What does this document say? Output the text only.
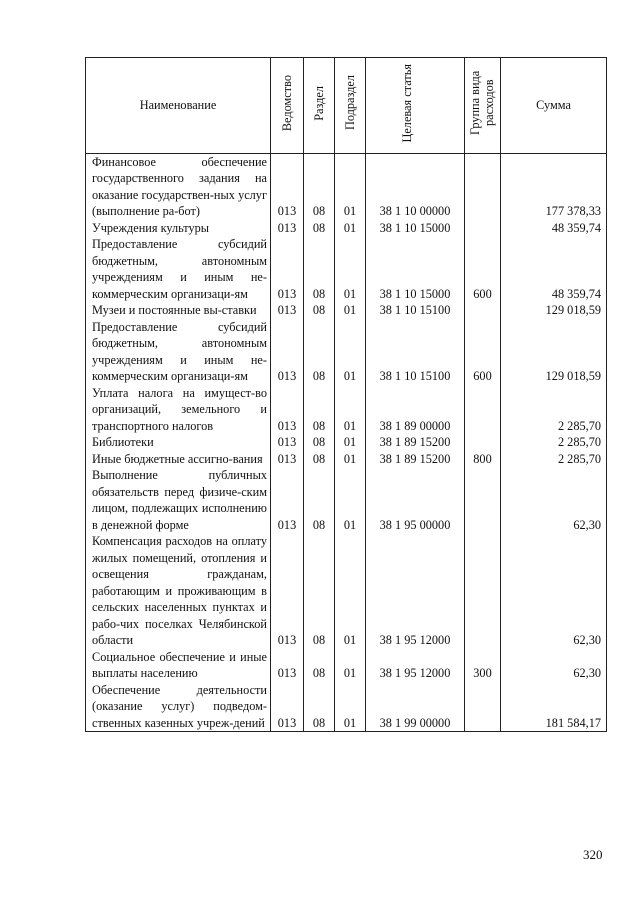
Наименование	Ведомство	Раздел	Подраздел	Целевая статья	Группа вида расходов	Сумма
Финансовое обеспечение государственного задания на оказание государствен-ных услуг (выполнение ра-бот)	013	08	01	38 1 10 00000		177 378,33
Учреждения культуры	013	08	01	38 1 10 15000		48 359,74
Предоставление субсидий бюджетным, автономным учреждениям и иным не-коммерческим организаци-ям	013	08	01	38 1 10 15000	600	48 359,74
Музеи и постоянные вы-ставки	013	08	01	38 1 10 15100		129 018,59
Предоставление субсидий бюджетным, автономным учреждениям и иным не-коммерческим организаци-ям	013	08	01	38 1 10 15100	600	129 018,59
Уплата налога на имущест-во организаций, земельного и транспортного налогов	013	08	01	38 1 89 00000		2 285,70
Библиотеки	013	08	01	38 1 89 15200		2 285,70
Иные бюджетные ассигно-вания	013	08	01	38 1 89 15200	800	2 285,70
Выполнение публичных обязательств перед физиче-ским лицом, подлежащих исполнению в денежной форме	013	08	01	38 1 95 00000		62,30
Компенсация расходов на оплату жилых помещений, отопления и освещения гражданам, работающим и проживающим в сельских населенных пунктах и рабо-чих поселках Челябинской области	013	08	01	38 1 95 12000		62,30
Социальное обеспечение и иные выплаты населению	013	08	01	38 1 95 12000	300	62,30
Обеспечение деятельности (оказание услуг) подведом-ственных казенных учреж-дений	013	08	01	38 1 99 00000		181 584,17
320
